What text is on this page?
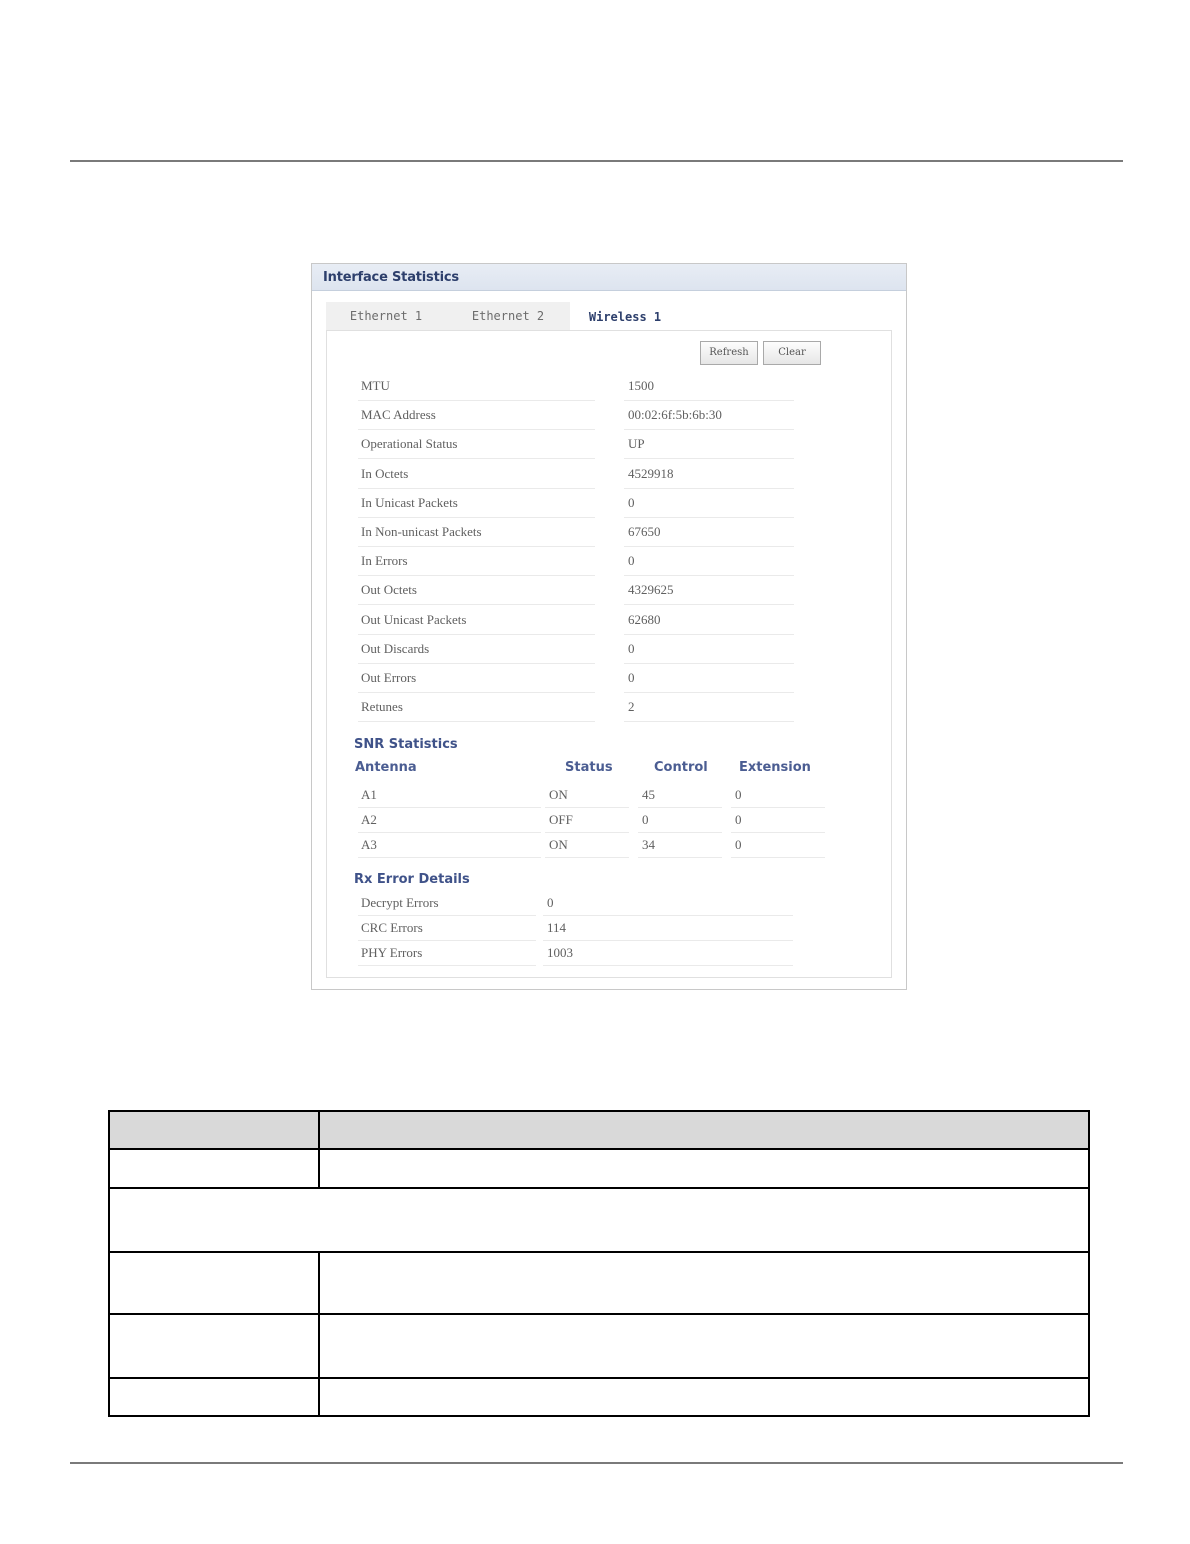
Interface Statistics
Ethernet 1	Ethernet 2	Wireless 1
Refresh	Clear
MTU	1500
MAC Address	00:02:6f:5b:6b:30
Operational Status	UP
In Octets	4529918
In Unicast Packets	0
In Non-unicast Packets	67650
In Errors	0
Out Octets	4329625
Out Unicast Packets	62680
Out Discards	0
Out Errors	0
Retunes	2
SNR Statistics
Antenna	Status	Control Extension
A1	ON	45	0
A2	OFF	0	0
A3	ON	34	0
Rx Error Details
Decrypt Errors	0
CRC Errors	114
PHY Errors	1003
